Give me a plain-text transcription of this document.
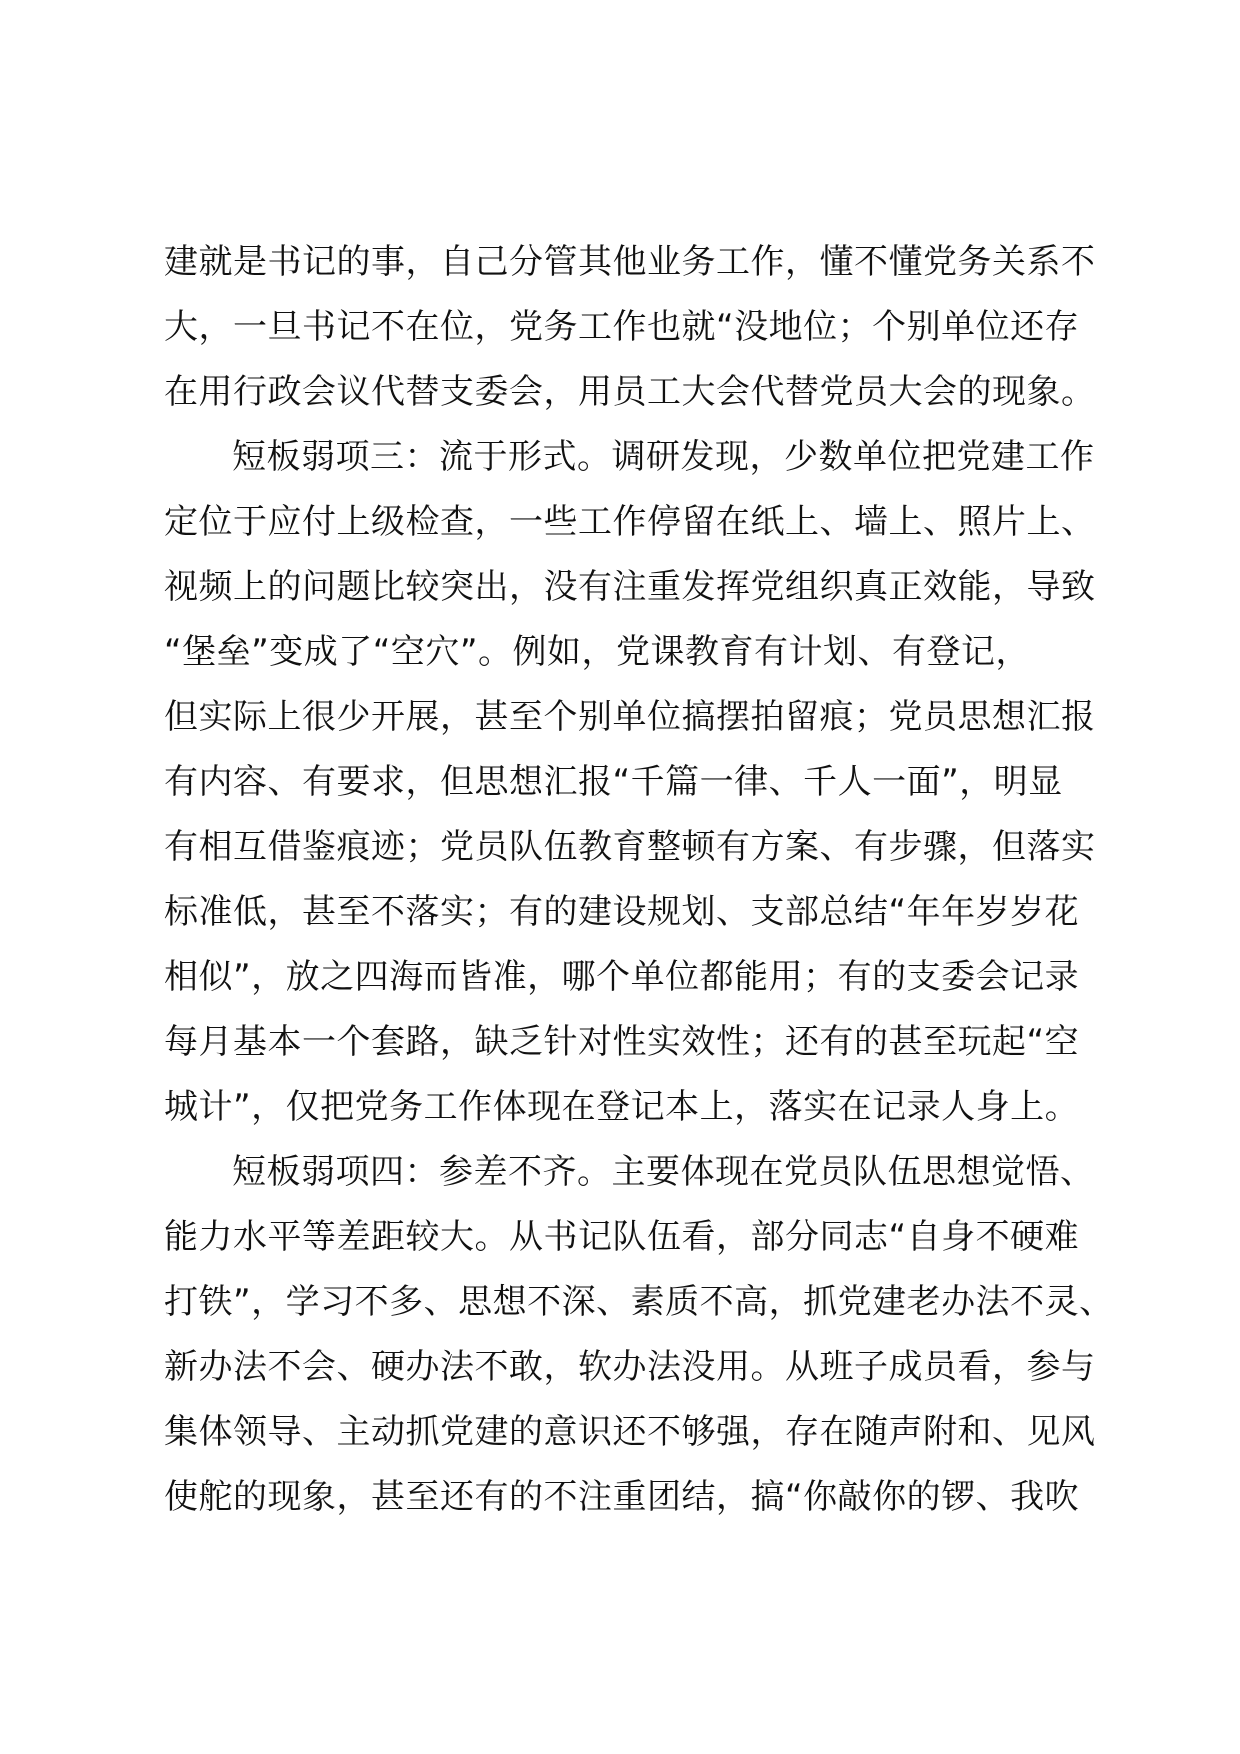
建就是书记的事，自己分管其他业务工作，懂不懂党务关系不
大，一旦书记不在位，党务工作也就“没地位；个别单位还存
在用行政会议代替支委会，用员工大会代替党员大会的现象。
短板弱项三：流于形式。调研发现，少数单位把党建工作
定位于应付上级检查，一些工作停留在纸上、墙上、照片上、
视频上的问题比较突出，没有注重发挥党组织真正效能，导致
“堡垒”变成了“空穴”。例如，党课教育有计划、有登记，
但实际上很少开展，甚至个别单位搞摆拍留痕；党员思想汇报
有内容、有要求，但思想汇报“千篇一律、千人一面”，明显
有相互借鉴痕迹；党员队伍教育整顿有方案、有步骤，但落实
标准低，甚至不落实；有的建设规划、支部总结“年年岁岁花
相似”，放之四海而皆准，哪个单位都能用；有的支委会记录
每月基本一个套路，缺乏针对性实效性；还有的甚至玩起“空
城计”，仅把党务工作体现在登记本上，落实在记录人身上。
短板弱项四：参差不齐。主要体现在党员队伍思想觉悟、
能力水平等差距较大。从书记队伍看，部分同志“自身不硬难
打铁”，学习不多、思想不深、素质不高，抓党建老办法不灵、
新办法不会、硬办法不敢，软办法没用。从班子成员看，参与
集体领导、主动抓党建的意识还不够强，存在随声附和、见风
使舵的现象，甚至还有的不注重团结，搞“你敲你的锣、我吹
